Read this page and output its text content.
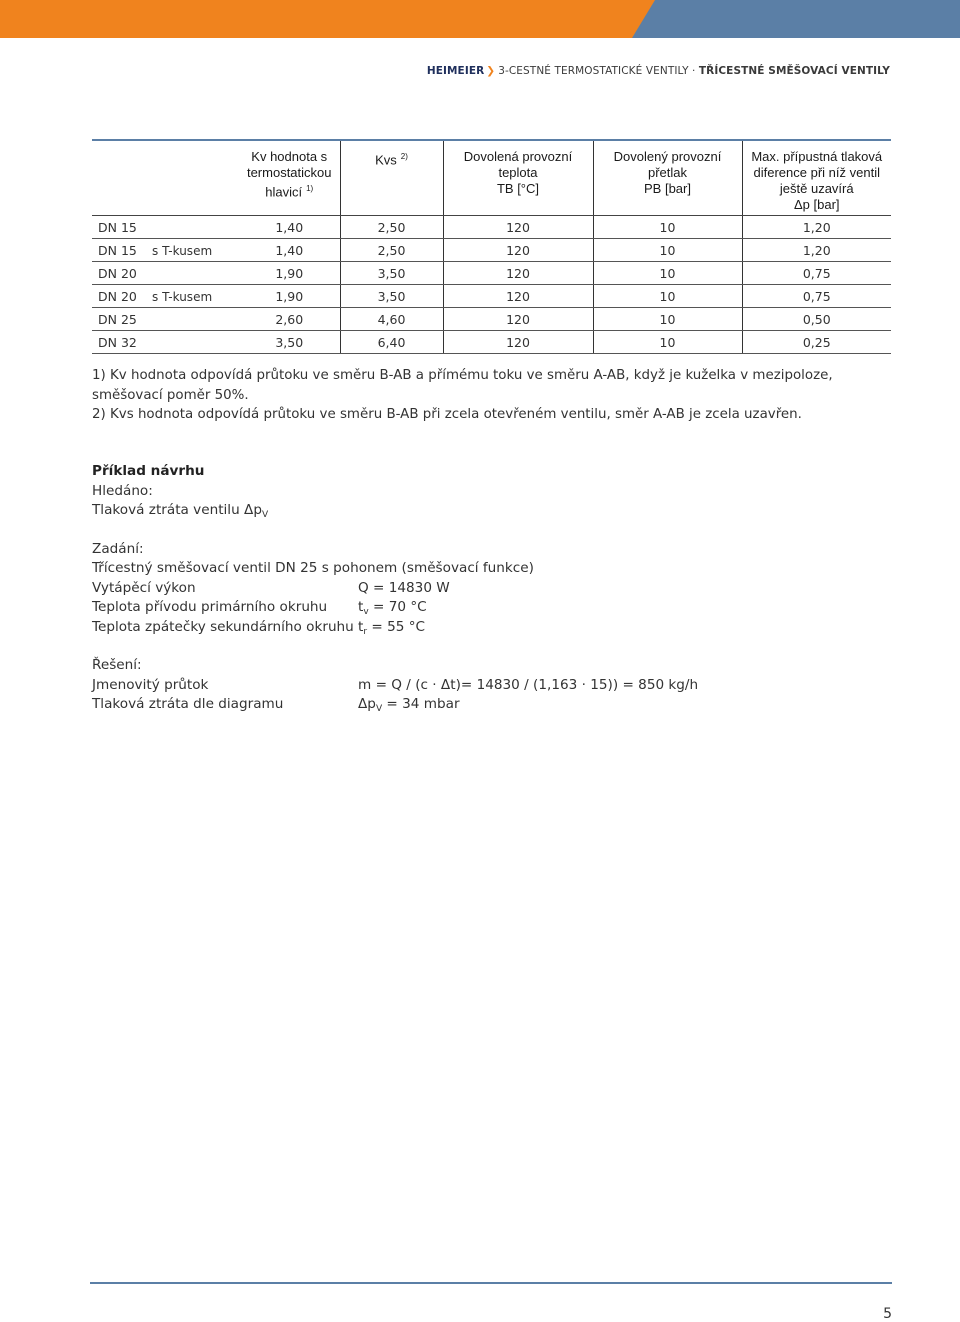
HEIMEIER ❯ 3-CESTNÉ TERMOSTATICKÉ VENTILY · TŘÍCESTNÉ SMĚŠOVACÍ VENTILY
		Kv hodnota s
termostatickou
hlavicí $^{1)}$	Kvs $^{2)}$	Dovolená provozní
teplota
TB [°C]	Dovolený provozní
přetlak
PB [bar]	Max. přípustná tlaková
diference při níž ventil
ještě uzavírá
Δp [bar]
DN 15		1,40	2,50	120	10	1,20
DN 15	s T-kusem	1,40	2,50	120	10	1,20
DN 20		1,90	3,50	120	10	0,75
DN 20	s T-kusem	1,90	3,50	120	10	0,75
DN 25		2,60	4,60	120	10	0,50
DN 32		3,50	6,40	120	10	0,25

1) Kv hodnota odpovídá průtoku ve směru B-AB a přímému toku ve směru A-AB, když je kuželka v mezipoloze, směšovací poměr 50%.

2) Kvs hodnota odpovídá průtoku ve směru B-AB při zcela otevřeném ventilu, směr A-AB je zcela uzavřen.

Příklad návrhu
Hledáno:
Tlaková ztráta ventilu $\Delta p_V$
Zadání:
Třícestný směšovací ventil DN 25 s pohonem (směšovací funkce)
Vytápěcí výkon	Q = 14830 W
Teplota přívodu primárního okruhu $t_v = 70$ °C
Teplota zpátečky sekundárního okruhu $t_r = 55$ °C
Řešení:
Jmenovitý průtok	m = Q / (c · Δt)= 14830 / (1,163 · 15)) = 850 kg/h
Tlaková ztráta dle diagramu	$\Delta p_V = 34$ mbar
5
